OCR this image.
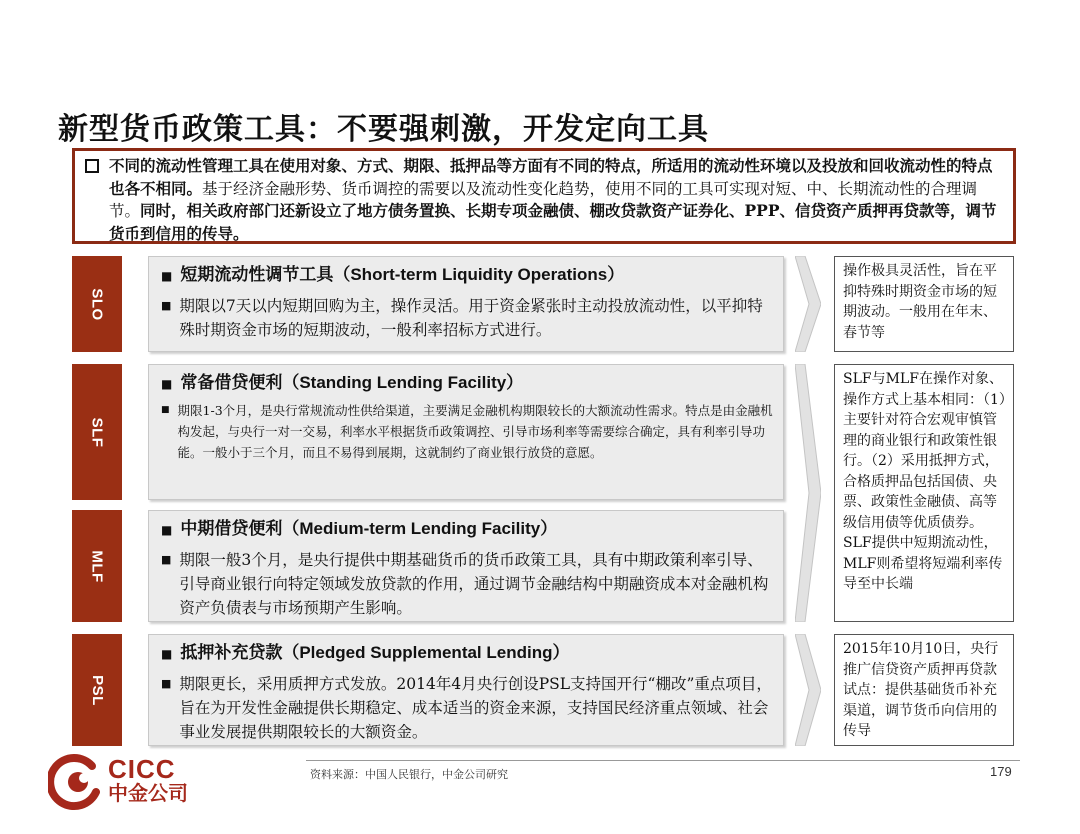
新型货币政策工具：不要强刺激，开发定向工具
不同的流动性管理工具在使用对象、方式、期限、抵押品等方面有不同的特点，所适用的流动性环境以及投放和回收流动性的特点也各不相同。基于经济金融形势、货币调控的需要以及流动性变化趋势，使用不同的工具可实现对短、中、长期流动性的合理调节。同时，相关政府部门还新设立了地方债务置换、长期专项金融债、棚改贷款资产证券化、PPP、信贷资产质押再贷款等，调节货币到信用的传导。
SLO
■ 短期流动性调节工具 （Short-term Liquidity Operations）
■ 期限以7天以内短期回购为主，操作灵活。用于资金紧张时主动投放流动性，以平抑特殊时期资金市场的短期波动，一般利率招标方式进行。
SLF
■ 常备借贷便利 （Standing Lending Facility）
■ 期限1-3个月，是央行常规流动性供给渠道，主要满足金融机构期限较长的大额流动性需求。特点是由金融机构发起，与央行一对一交易，利率水平根据货币政策调控、引导市场利率等需要综合确定，具有利率引导功能。一般小于三个月，而且不易得到展期，这就制约了商业银行放贷的意愿。
MLF
■ 中期借贷便利 （Medium-term Lending Facility）
■ 期限一般3个月，是央行提供中期基础货币的货币政策工具，具有中期政策利率引导、引导商业银行向特定领域发放贷款的作用，通过调节金融结构中期融资成本对金融机构资产负债表与市场预期产生影响。
PSL
■ 抵押补充贷款 （Pledged Supplemental Lending）
■ 期限更长，采用质押方式发放。2014年4月央行创设PSL支持国开行“棚改”重点项目，旨在为开发性金融提供长期稳定、成本适当的资金来源，支持国民经济重点领域、社会事业发展提供期限较长的大额资金。
操作极具灵活性，旨在平抑特殊时期资金市场的短期波动。一般用在年末、春节等
SLF与MLF在操作对象、操作方式上基本相同：（1）主要针对符合宏观审慎管理的商业银行和政策性银行。（2）采用抵押方式，合格质押品包括国债、央票、政策性金融债、高等级信用债等优质债券。SLF提供中短期流动性，MLF则希望将短端利率传导至中长端
2015年10月10日，央行推广信贷资产质押再贷款试点：提供基础货币补充渠道，调节货币向信用的传导
CICC
中金公司
资料来源：中国人民银行，中金公司研究	179
